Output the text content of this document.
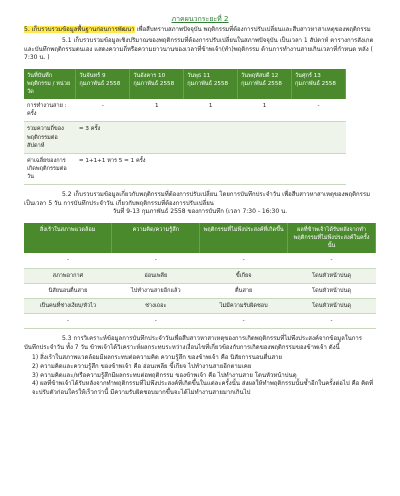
ภาคผนวกระยะที่ 2
5. เก็บรวบรวมข้อมูลพื้นฐานก่อนการพัฒนา เพื่อสืบทราบสภาพปัจจุบัน พฤติกรรมที่ต้องการปรับเปลี่ยนและสืบสาวหาสาเหตุของพฤติกรรม
5.1 เก็บรวบรวมข้อมูลเชิงปริมาณของพฤติกรรมที่ต้องการปรับเปลี่ยนในสภาพปัจจุบัน เป็นเวลา 1 สัปดาห์ ตารางการสังเกตและบันทึกพฤติกรรมตนเอง แสดงความถี่หรือความยาวนานของเวลาที่ข้าพเจ้า(ทำ)พฤติกรรม ด้านการทำงานสายเกินเวลาที่กำหนด หลัง ( 7:30 น. )
วันที่บันทึกพฤติกรรม / หน่วยวัด	วันจันทร์ 9 กุมภาพันธ์ 2558	วันอังคาร 10 กุมภาพันธ์ 2558	วันพุธ 11 กุมภาพันธ์ 2558	วันพฤหัสบดี 12 กุมภาพันธ์ 2558	วันศุกร์ 13 กุมภาพันธ์ 2558
การทำงานสาย : ครั้ง	-	1	1	1	-
รวมความถี่ของพฤติกรรมต่อสัปดาห์	= 3 ครั้ง				
ค่าเฉลี่ยของการเกิดพฤติกรรมต่อวัน	= 1+1+1 หาร 5 = 1 ครั้ง				
5.2 เก็บรวบรวมข้อมูลเกี่ยวกับพฤติกรรมที่ต้องการปรับเปลี่ยน โดยการบันทึกประจำวัน เพื่อสืบสาวหาสาเหตุของพฤติกรรม เป็นเวลา 5 วัน การบันทึกประจำวัน เกี่ยวกับพฤติกรรมที่ต้องการปรับเปลี่ยน
วันที่ 9-13 กุมภาพันธ์ 2558 ของการบันทึก (เวลา 7:30 - 16:30 น.
สิ่งเร้าในสภาพแวดล้อม	ความคิด/ความรู้สึก	พฤติกรรมที่ไม่พึงประสงค์ที่เกิดขึ้น	ผลที่ข้าพเจ้าได้รับหลังจากทำพฤติกรรมที่ไม่พึงประสงค์ในครั้งนั้น
-	-	-	-
สภาพอากาศ	อ่อนเพลีย	ขี้เกียจ	โดนหัวหน้าบ่นดุ
นิสัยนอนตื่นสาย	ไปทำงานสายอีกแล้ว	ตื่นสาย	โดนหัวหน้าบ่นดุ
เป็นคนที่ช่างเงียบ/หัวไว	ช่างเถอะ	ไม่มีความรับผิดชอบ	โดนหัวหน้าบ่นดุ
-	-	-	-
5.3 การวิเคราะห์ข้อมูลการบันทึกประจำวันเพื่อสืบสาวหาสาเหตุของการเกิดพฤติกรรมที่ไม่พึงประสงค์จากข้อมูลในการบันทึกประจำวัน ทั้ง 7 วัน ข้าพเจ้าได้วิเคราะห์ผลกระทบระหว่างเงื่อนไขที่เกี่ยวข้องกับการเกิดของพฤติกรรมของข้าพเจ้า ดังนี้
1) สิ่งเร้าในสภาพแวดล้อมมีผลกระทบต่อความคิด ความรู้สึก ของข้าพเจ้า คือ นิสัยการนอนตื่นสาย
2) ความคิดและความรู้สึก ของข้าพเจ้า คือ อ่อนเพลีย ขี้เกียจ ไปทำงานสายอีกตามเคย
3) ความคิดและ/หรือความรู้สึกมีผลกระทบต่อพฤติกรรม ของข้าพเจ้า คือ ไปทำงานสาย โดนหัวหน้าบ่นดุ
4) ผลที่ข้าพเจ้าได้รับหลังจากทำพฤติกรรมที่ไม่พึงประสงค์ที่เกิดขึ้นในแต่ละครั้งนั้น ส่งผลให้ทำพฤติกรรมนั้นซ้ำอีกในครั้งต่อไป คือ คิดที่จะปรับตัวก่อนใครให้เร็วกว่านี้ มีความรับผิดชอบมากขึ้นจะได้ไม่ทำงานสายมากเกินไป
